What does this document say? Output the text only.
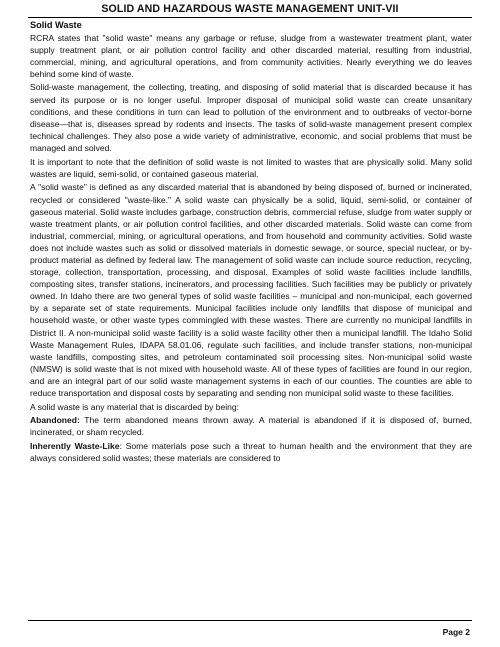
SOLID AND HAZARDOUS WASTE MANAGEMENT UNIT-VII
Solid Waste

RCRA states that "solid waste" means any garbage or refuse, sludge from a wastewater treatment plant, water supply treatment plant, or air pollution control facility and other discarded material, resulting from industrial, commercial, mining, and agricultural operations, and from community activities. Nearly everything we do leaves behind some kind of waste.

Solid-waste management, the collecting, treating, and disposing of solid material that is discarded because it has served its purpose or is no longer useful. Improper disposal of municipal solid waste can create unsanitary conditions, and these conditions in turn can lead to pollution of the environment and to outbreaks of vector-borne disease—that is, diseases spread by rodents and insects. The tasks of solid-waste management present complex technical challenges. They also pose a wide variety of administrative, economic, and social problems that must be managed and solved.

It is important to note that the definition of solid waste is not limited to wastes that are physically solid. Many solid wastes are liquid, semi-solid, or contained gaseous material.

A "solid waste" is defined as any discarded material that is abandoned by being disposed of, burned or incinerated, recycled or considered "waste-like." A solid waste can physically be a solid, liquid, semi-solid, or container of gaseous material. Solid waste includes garbage, construction debris, commercial refuse, sludge from water supply or waste treatment plants, or air pollution control facilities, and other discarded materials. Solid waste can come from industrial, commercial, mining, or agricultural operations, and from household and community activities. Solid waste does not include wastes such as solid or dissolved materials in domestic sewage, or source, special nuclear, or by-product material as defined by federal law. The management of solid waste can include source reduction, recycling, storage, collection, transportation, processing, and disposal. Examples of solid waste facilities include landfills, composting sites, transfer stations, incinerators, and processing facilities. Such facilities may be publicly or privately owned. In Idaho there are two general types of solid waste facilities – municipal and non-municipal, each governed by a separate set of state requirements. Municipal facilities include only landfills that dispose of municipal and household waste, or other waste types commingled with these wastes. There are currently no municipal landfills in District II. A non-municipal solid waste facility is a solid waste facility other then a municipal landfill. The Idaho Solid Waste Management Rules, IDAPA 58.01.06, regulate such facilities, and include transfer stations, non-municipal waste landfills, composting sites, and petroleum contaminated soil processing sites. Non-municipal solid waste (NMSW) is solid waste that is not mixed with household waste. All of these types of facilities are found in our region, and are an integral part of our solid waste management systems in each of our counties. The counties are able to reduce transportation and disposal costs by separating and sending non municipal solid waste to these facilities.

A solid waste is any material that is discarded by being:

Abandoned: The term abandoned means thrown away. A material is abandoned if it is disposed of, burned, incinerated, or sham recycled.

Inherently Waste-Like: Some materials pose such a threat to human health and the environment that they are always considered solid wastes; these materials are considered to

Page 2
